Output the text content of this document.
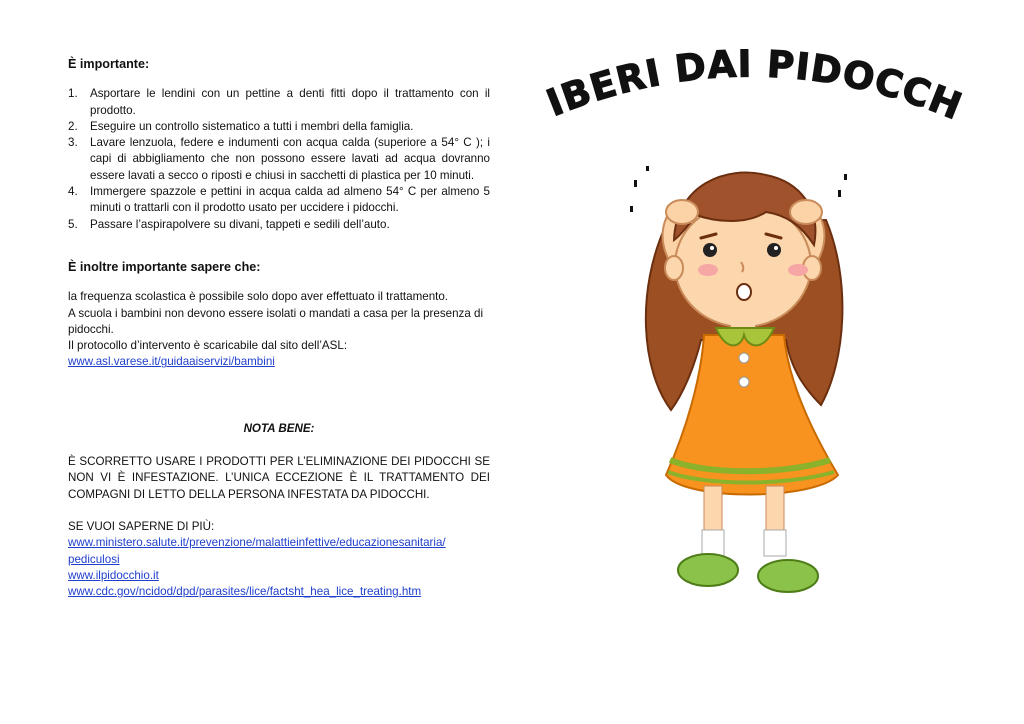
È importante:

1.	Asportare le lendini con un pettine a denti fitti dopo il trattamento con il prodotto.
2.	Eseguire un controllo sistematico a tutti i membri della famiglia.
3.	Lavare lenzuola, federe e indumenti con acqua calda (superiore a 54° C ); i capi di abbigliamento che non possono essere lavati ad acqua dovranno essere lavati a secco o riposti e chiusi in sacchetti di plastica per 10 minuti.
4.	Immergere spazzole e pettini in acqua calda ad almeno 54° C per almeno 5 minuti o trattarli con il prodotto usato per uccidere i pidocchi.
5.	Passare l’aspirapolvere su divani, tappeti e sedili dell’auto.

È inoltre importante sapere che:

la frequenza scolastica è possibile solo dopo aver effettuato il trattamento.

A scuola i bambini non devono essere isolati o mandati a casa per la presenza di pidocchi.

Il protocollo d’intervento è scaricabile dal sito dell’ASL:

www.asl.varese.it/guidaaiservizi/bambini

NOTA BENE:

È SCORRETTO USARE I PRODOTTI PER L’ELIMINAZIONE DEI PIDOCCHI SE NON VI È INFESTAZIONE. L’UNICA ECCEZIONE È IL TRATTAMENTO DEI COMPAGNI DI LETTO DELLA PERSONA INFESTATA DA PIDOCCHI.

SE VUOI SAPERNE DI PIÙ:

www.ministero.salute.it/prevenzione/malattieinfettive/educazionesanitaria/ pediculosi

www.ilpidocchio.it

www.cdc.gov/ncidod/dpd/parasites/lice/factsht_hea_lice_treating.htm

IBERI DAI PIDOCCH
